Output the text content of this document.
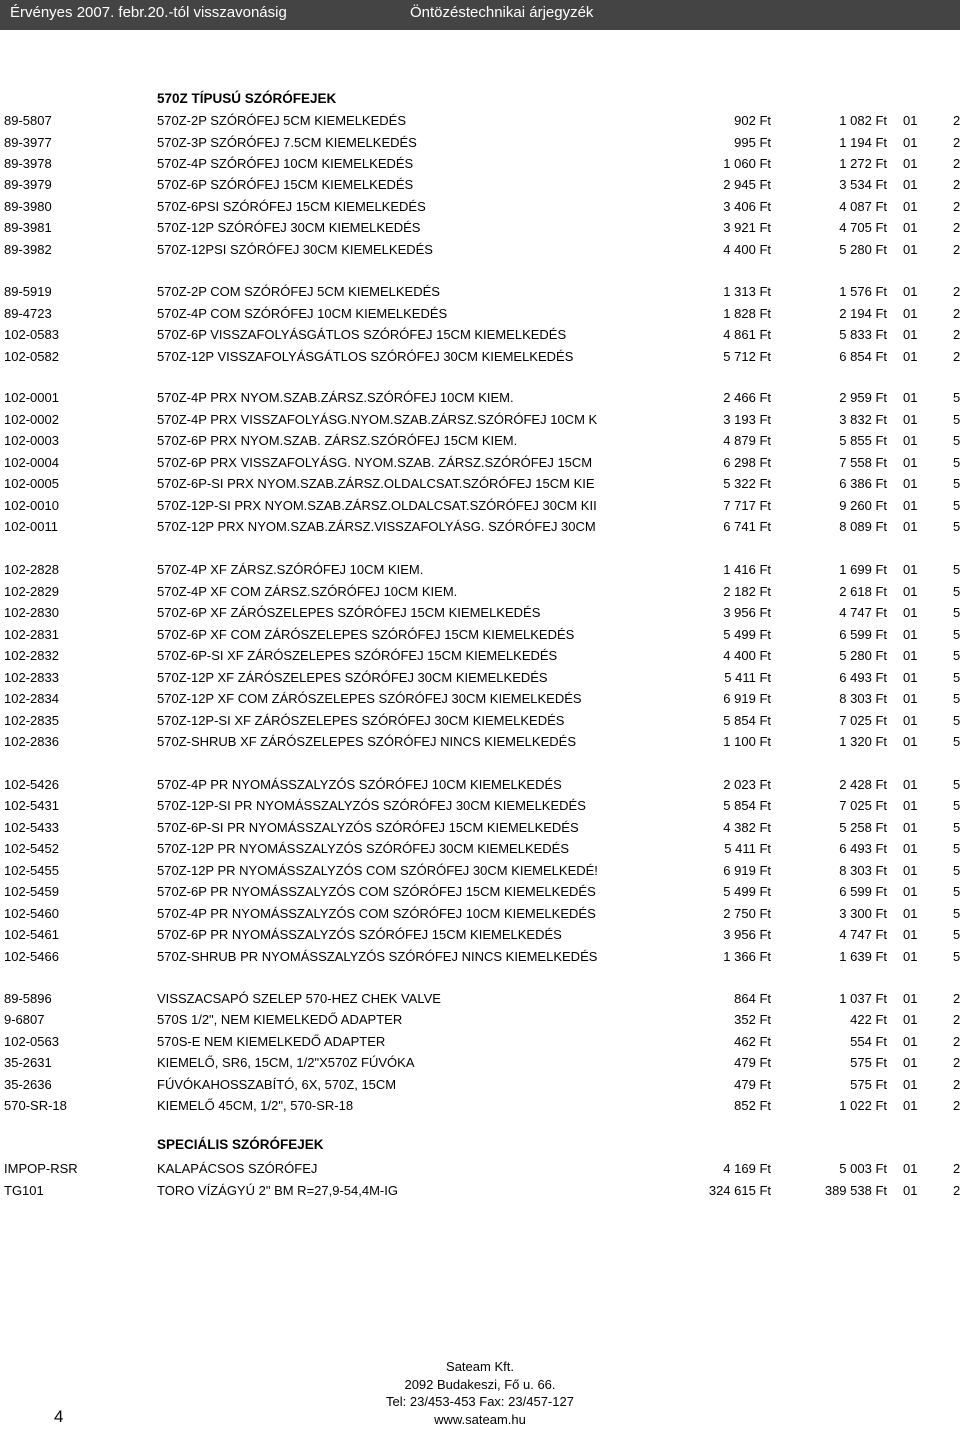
Érvényes 2007. febr.20.-tól visszavonásig	Öntözéstechnikai árjegyzék
570Z TÍPUSÚ SZÓRÓFEJEK
SPECIÁLIS SZÓRÓFEJEK
89-5807	570Z-2P SZÓRÓFEJ 5CM KIEMELKEDÉS	902 Ft	1 082 Ft 01	2
89-3977	570Z-3P SZÓRÓFEJ 7.5CM KIEMELKEDÉS	995 Ft	1 194 Ft 01	2
89-3978	570Z-4P SZÓRÓFEJ 10CM KIEMELKEDÉS	1 060 Ft	1 272 Ft 01	2
89-3979	570Z-6P SZÓRÓFEJ 15CM KIEMELKEDÉS	2 945 Ft	3 534 Ft 01	2
89-3980	570Z-6PSI SZÓRÓFEJ 15CM KIEMELKEDÉS	3 406 Ft	4 087 Ft 01	2
89-3981	570Z-12P SZÓRÓFEJ 30CM KIEMELKEDÉS	3 921 Ft	4 705 Ft 01	2
89-3982	570Z-12PSI SZÓRÓFEJ 30CM KIEMELKEDÉS	4 400 Ft	5 280 Ft 01	2
89-5919	570Z-2P COM SZÓRÓFEJ 5CM KIEMELKEDÉS	1 313 Ft	1 576 Ft 01	2
89-4723	570Z-4P COM SZÓRÓFEJ 10CM KIEMELKEDÉS	1 828 Ft	2 194 Ft 01	2
102-0583	570Z-6P VISSZAFOLYÁSGÁTLOS SZÓRÓFEJ 15CM KIEMELKEDÉS	4 861 Ft	5 833 Ft 01	2
102-0582	570Z-12P VISSZAFOLYÁSGÁTLOS SZÓRÓFEJ 30CM KIEMELKEDÉS	5 712 Ft	6 854 Ft 01	2
102-0001	570Z-4P PRX NYOM.SZAB.ZÁRSZ.SZÓRÓFEJ 10CM KIEM.	2 466 Ft	2 959 Ft 01	5
102-0002	570Z-4P PRX VISSZAFOLYÁSG.NYOM.SZAB.ZÁRSZ.SZÓRÓFEJ 10CM K	3 193 Ft	3 832 Ft 01	5
102-0003	570Z-6P PRX NYOM.SZAB. ZÁRSZ.SZÓRÓFEJ 15CM KIEM.	4 879 Ft	5 855 Ft 01	5
102-0004	570Z-6P PRX VISSZAFOLYÁSG. NYOM.SZAB. ZÁRSZ.SZÓRÓFEJ 15CM	6 298 Ft	7 558 Ft 01	5
102-0005	570Z-6P-SI PRX NYOM.SZAB.ZÁRSZ.OLDALCSAT.SZÓRÓFEJ 15CM KIE	5 322 Ft	6 386 Ft 01	5
102-0010	570Z-12P-SI PRX NYOM.SZAB.ZÁRSZ.OLDALCSAT.SZÓRÓFEJ 30CM KII	7 717 Ft	9 260 Ft 01	5
102-0011	570Z-12P PRX NYOM.SZAB.ZÁRSZ.VISSZAFOLYÁSG. SZÓRÓFEJ 30CM	6 741 Ft	8 089 Ft 01	5
102-2828	570Z-4P XF ZÁRSZ.SZÓRÓFEJ 10CM KIEM.	1 416 Ft	1 699 Ft 01	5
102-2829	570Z-4P XF COM ZÁRSZ.SZÓRÓFEJ 10CM KIEM.	2 182 Ft	2 618 Ft 01	5
102-2830	570Z-6P XF ZÁRÓSZELEPES SZÓRÓFEJ 15CM KIEMELKEDÉS	3 956 Ft	4 747 Ft 01	5
102-2831	570Z-6P XF COM ZÁRÓSZELEPES SZÓRÓFEJ 15CM KIEMELKEDÉS	5 499 Ft	6 599 Ft 01	5
102-2832	570Z-6P-SI XF ZÁRÓSZELEPES SZÓRÓFEJ 15CM KIEMELKEDÉS	4 400 Ft	5 280 Ft 01	5
102-2833	570Z-12P XF ZÁRÓSZELEPES SZÓRÓFEJ 30CM KIEMELKEDÉS	5 411 Ft	6 493 Ft 01	5
102-2834	570Z-12P XF COM ZÁRÓSZELEPES SZÓRÓFEJ 30CM KIEMELKEDÉS	6 919 Ft	8 303 Ft 01	5
102-2835	570Z-12P-SI XF ZÁRÓSZELEPES SZÓRÓFEJ 30CM KIEMELKEDÉS	5 854 Ft	7 025 Ft 01	5
102-2836	570Z-SHRUB XF ZÁRÓSZELEPES SZÓRÓFEJ NINCS KIEMELKEDÉS	1 100 Ft	1 320 Ft 01	5
102-5426	570Z-4P PR NYOMÁSSZALYZÓS SZÓRÓFEJ 10CM KIEMELKEDÉS	2 023 Ft	2 428 Ft 01	5
102-5431	570Z-12P-SI PR NYOMÁSSZALYZÓS SZÓRÓFEJ 30CM KIEMELKEDÉS	5 854 Ft	7 025 Ft 01	5
102-5433	570Z-6P-SI PR NYOMÁSSZALYZÓS SZÓRÓFEJ 15CM KIEMELKEDÉS	4 382 Ft	5 258 Ft 01	5
102-5452	570Z-12P PR NYOMÁSSZALYZÓS SZÓRÓFEJ 30CM KIEMELKEDÉS	5 411 Ft	6 493 Ft 01	5
102-5455	570Z-12P PR NYOMÁSSZALYZÓS COM SZÓRÓFEJ 30CM KIEMELKEDÉ!	6 919 Ft	8 303 Ft 01	5
102-5459	570Z-6P PR NYOMÁSSZALYZÓS COM SZÓRÓFEJ 15CM KIEMELKEDÉS	5 499 Ft	6 599 Ft 01	5
102-5460	570Z-4P PR NYOMÁSSZALYZÓS COM SZÓRÓFEJ 10CM KIEMELKEDÉS	2 750 Ft	3 300 Ft 01	5
102-5461	570Z-6P PR NYOMÁSSZALYZÓS SZÓRÓFEJ 15CM KIEMELKEDÉS	3 956 Ft	4 747 Ft 01	5
102-5466	570Z-SHRUB PR NYOMÁSSZALYZÓS SZÓRÓFEJ NINCS KIEMELKEDÉS	1 366 Ft	1 639 Ft 01	5
89-5896	VISSZACSAPÓ SZELEP 570-HEZ CHEK VALVE	864 Ft	1 037 Ft 01	2
9-6807	570S 1/2", NEM KIEMELKEDŐ ADAPTER	352 Ft	422 Ft 01	2
102-0563	570S-E NEM KIEMELKEDŐ ADAPTER	462 Ft	554 Ft 01	2
35-2631	KIEMELŐ, SR6, 15CM, 1/2"X570Z FÚVÓKA	479 Ft	575 Ft 01	2
35-2636	FÚVÓKAHOSSZABÍTÓ, 6X, 570Z, 15CM	479 Ft	575 Ft 01	2
570-SR-18	KIEMELŐ 45CM, 1/2", 570-SR-18	852 Ft	1 022 Ft 01	2
IMPOP-RSR	KALAPÁCSOS SZÓRÓFEJ	4 169 Ft	5 003 Ft 01	2
TG101	TORO VÍZÁGYÚ 2" BM R=27,9-54,4M-IG	324 615 Ft	389 538 Ft 01	2
Sateam Kft.
2092 Budakeszi, Fő u. 66.
Tel: 23/453-453 Fax: 23/457-127
www.sateam.hu
4
